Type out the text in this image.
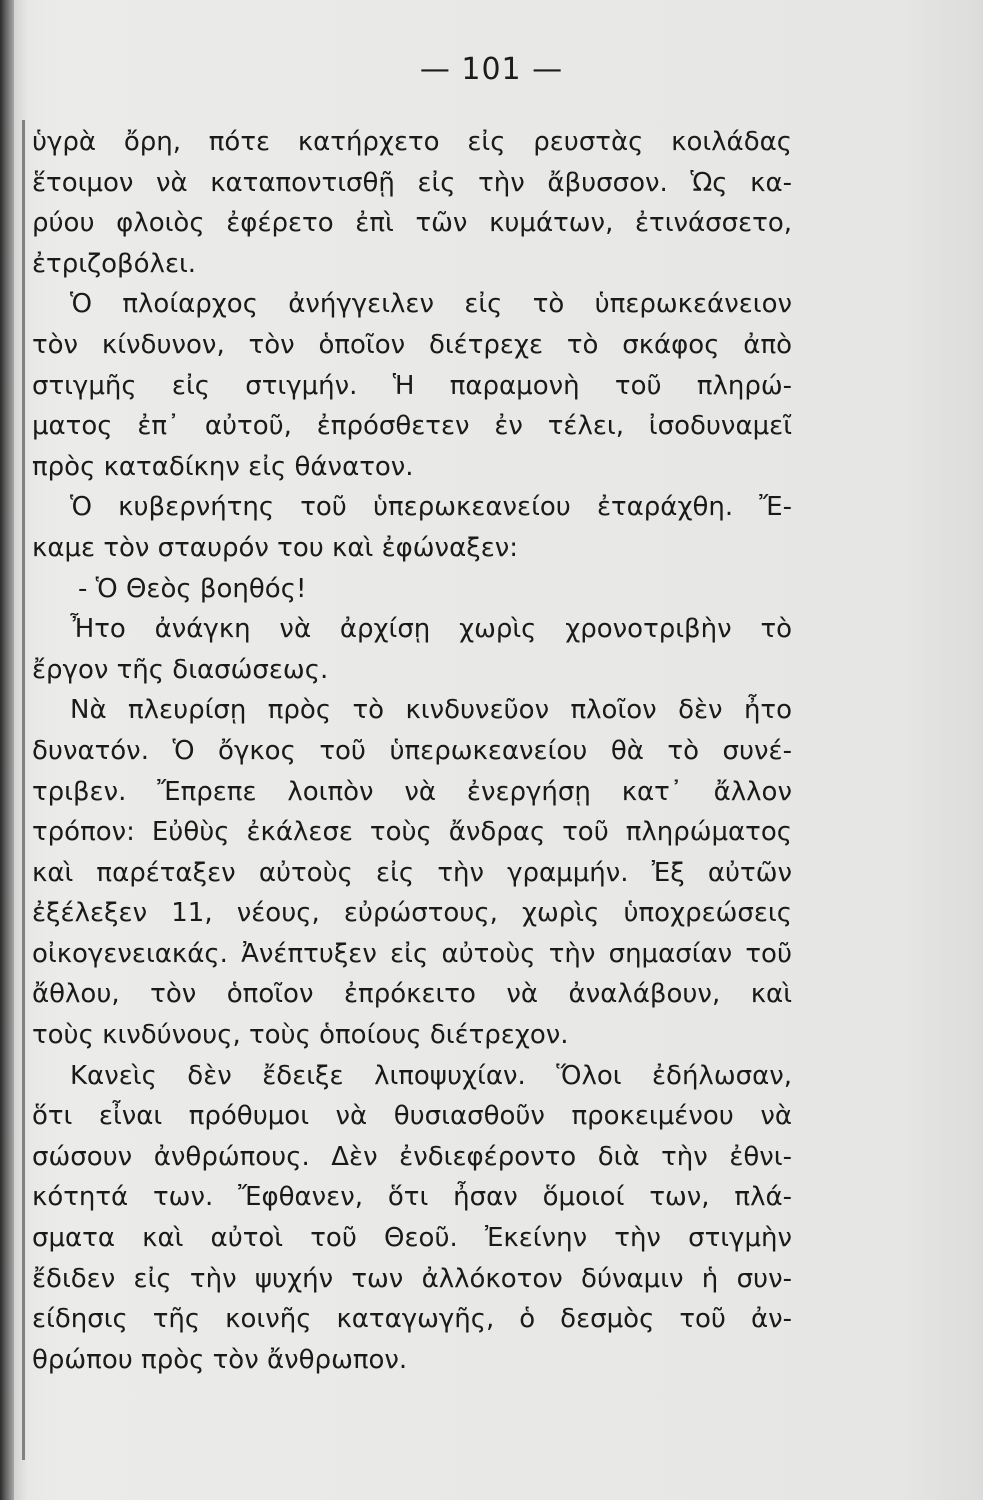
— 101 —
ὑγρὰ ὄρη, πότε κατήρχετο εἰς ρευστὰς κοιλάδας
ἕτοιμον νὰ καταποντισθῇ εἰς τὴν ἄβυσσον. Ὡς κα-
ρύου φλοιὸς ἐφέρετο ἐπὶ τῶν κυμάτων, ἐτινάσσετο,
ἐτριζοβόλει.
Ὁ πλοίαρχος ἀνήγγειλεν εἰς τὸ ὑπερωκεάνειον
τὸν κίνδυνον, τὸν ὁποῖον διέτρεχε τὸ σκάφος ἀπὸ
στιγμῆς εἰς στιγμήν. Ἡ παραμονὴ τοῦ πληρώ-
ματος ἐπ᾿ αὐτοῦ, ἐπρόσθετεν ἐν τέλει, ἰσοδυναμεῖ
πρὸς καταδίκην εἰς θάνατον.
Ὁ κυβερνήτης τοῦ ὑπερωκεανείου ἐταράχθη. Ἔ-
καμε τὸν σταυρόν του καὶ ἐφώναξεν:
- Ὁ Θεὸς βοηθός!
Ἦτο ἀνάγκη νὰ ἀρχίσῃ χωρὶς χρονοτριβὴν τὸ
ἔργον τῆς διασώσεως.
Νὰ πλευρίσῃ πρὸς τὸ κινδυνεῦον πλοῖον δὲν ἦτο
δυνατόν. Ὁ ὄγκος τοῦ ὑπερωκεανείου θὰ τὸ συνέ-
τριβεν. Ἔπρεπε λοιπὸν νὰ ἐνεργήσῃ κατ᾿ ἄλλον
τρόπον: Εὐθὺς ἐκάλεσε τοὺς ἄνδρας τοῦ πληρώματος
καὶ παρέταξεν αὐτοὺς εἰς τὴν γραμμήν. Ἐξ αὐτῶν
ἐξέλεξεν 11, νέους, εὐρώστους, χωρὶς ὑποχρεώσεις
οἰκογενειακάς. Ἀνέπτυξεν εἰς αὐτοὺς τὴν σημασίαν τοῦ
ἄθλου, τὸν ὁποῖον ἐπρόκειτο νὰ ἀναλάβουν, καὶ
τοὺς κινδύνους, τοὺς ὁποίους διέτρεχον.
Κανεὶς δὲν ἔδειξε λιποψυχίαν. Ὅλοι ἐδήλωσαν,
ὅτι εἶναι πρόθυμοι νὰ θυσιασθοῦν προκειμένου νὰ
σώσουν ἀνθρώπους. Δὲν ἐνδιεφέροντο διὰ τὴν ἐθνι-
κότητά των. Ἔφθανεν, ὅτι ἦσαν ὅμοιοί των, πλά-
σματα καὶ αὐτοὶ τοῦ Θεοῦ. Ἐκείνην τὴν στιγμὴν
ἔδιδεν εἰς τὴν ψυχήν των ἀλλόκοτον δύναμιν ἡ συν-
είδησις τῆς κοινῆς καταγωγῆς, ὁ δεσμὸς τοῦ ἀν-
θρώπου πρὸς τὸν ἄνθρωπον.
